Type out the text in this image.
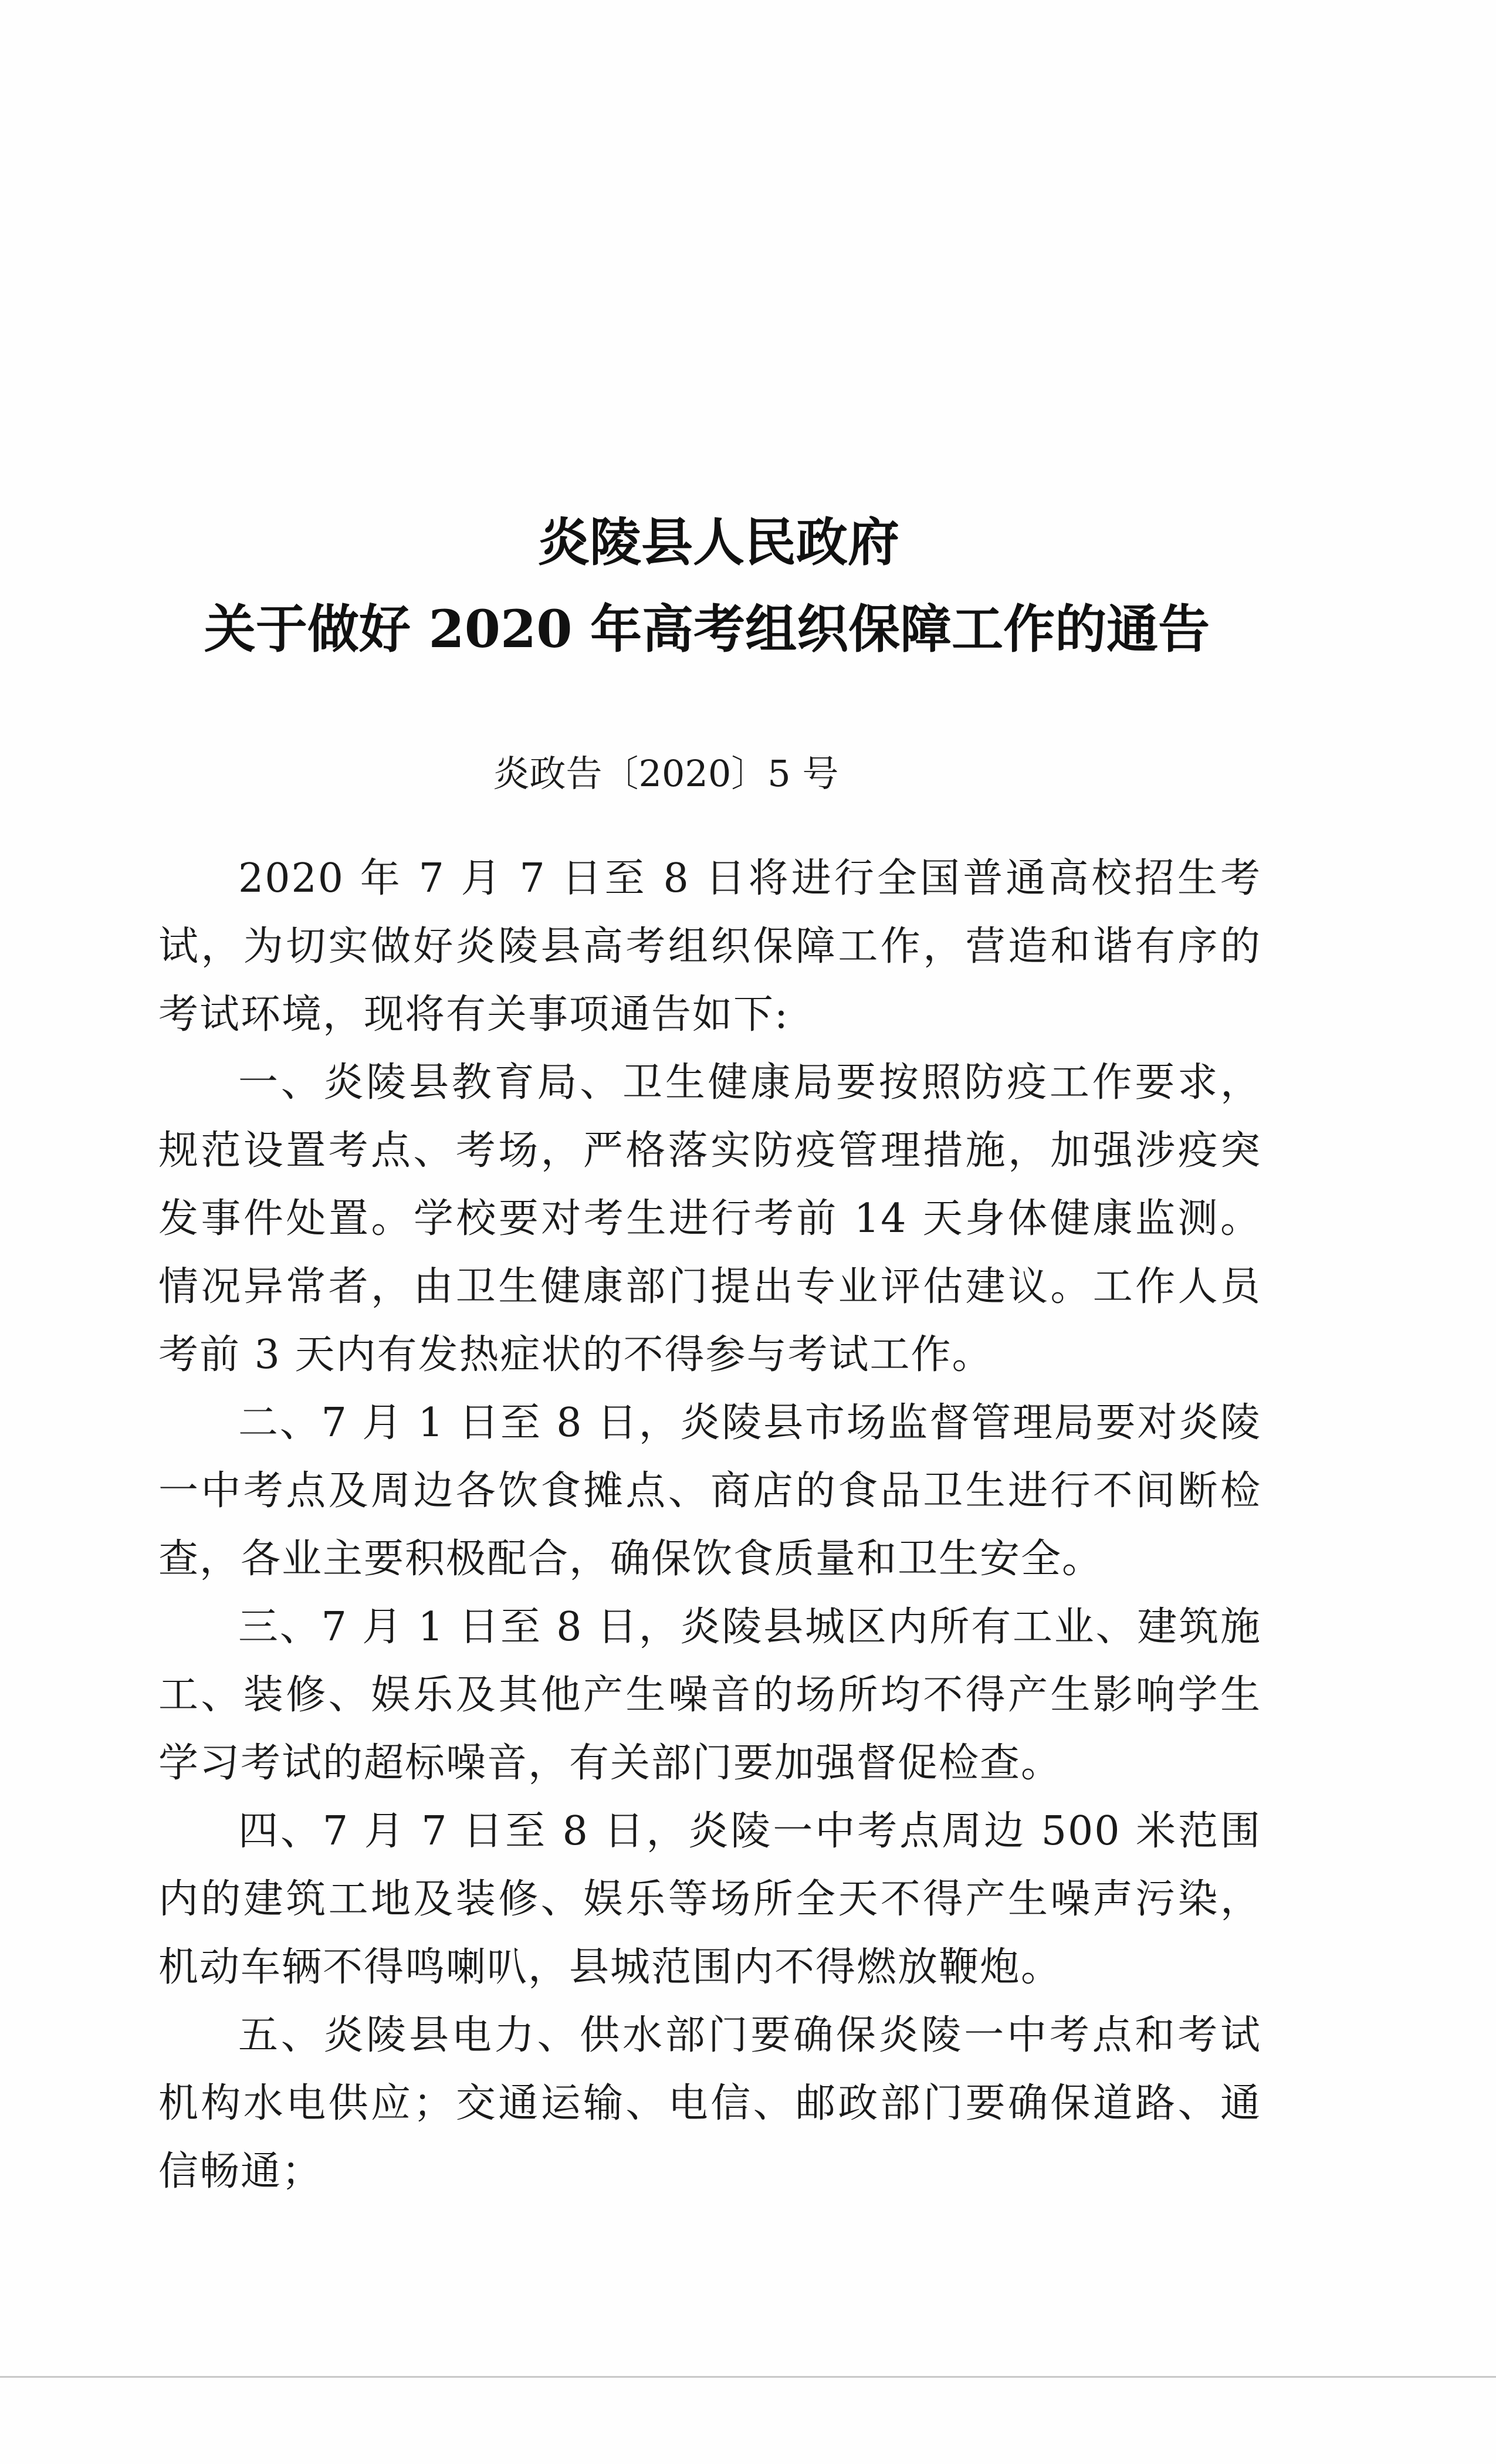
炎陵县人民政府
关于做好 2020 年高考组织保障工作的通告
炎政告〔2020〕5 号

2020 年 7 月 7 日至 8 日将进行全国普通高校招生考试，为切实做好炎陵县高考组织保障工作，营造和谐有序的考试环境，现将有关事项通告如下:

一、炎陵县教育局、卫生健康局要按照防疫工作要求，规范设置考点、考场，严格落实防疫管理措施，加强涉疫突发事件处置。学校要对考生进行考前 14 天身体健康监测。情况异常者，由卫生健康部门提出专业评估建议。工作人员考前 3 天内有发热症状的不得参与考试工作。

二、7 月 1 日至 8 日，炎陵县市场监督管理局要对炎陵一中考点及周边各饮食摊点、商店的食品卫生进行不间断检查，各业主要积极配合，确保饮食质量和卫生安全。

三、7 月 1 日至 8 日，炎陵县城区内所有工业、建筑施工、装修、娱乐及其他产生噪音的场所均不得产生影响学生学习考试的超标噪音，有关部门要加强督促检查。

四、7 月 7 日至 8 日，炎陵一中考点周边 500 米范围内的建筑工地及装修、娱乐等场所全天不得产生噪声污染，机动车辆不得鸣喇叭，县城范围内不得燃放鞭炮。

五、炎陵县电力、供水部门要确保炎陵一中考点和考试机构水电供应；交通运输、电信、邮政部门要确保道路、通信畅通；
